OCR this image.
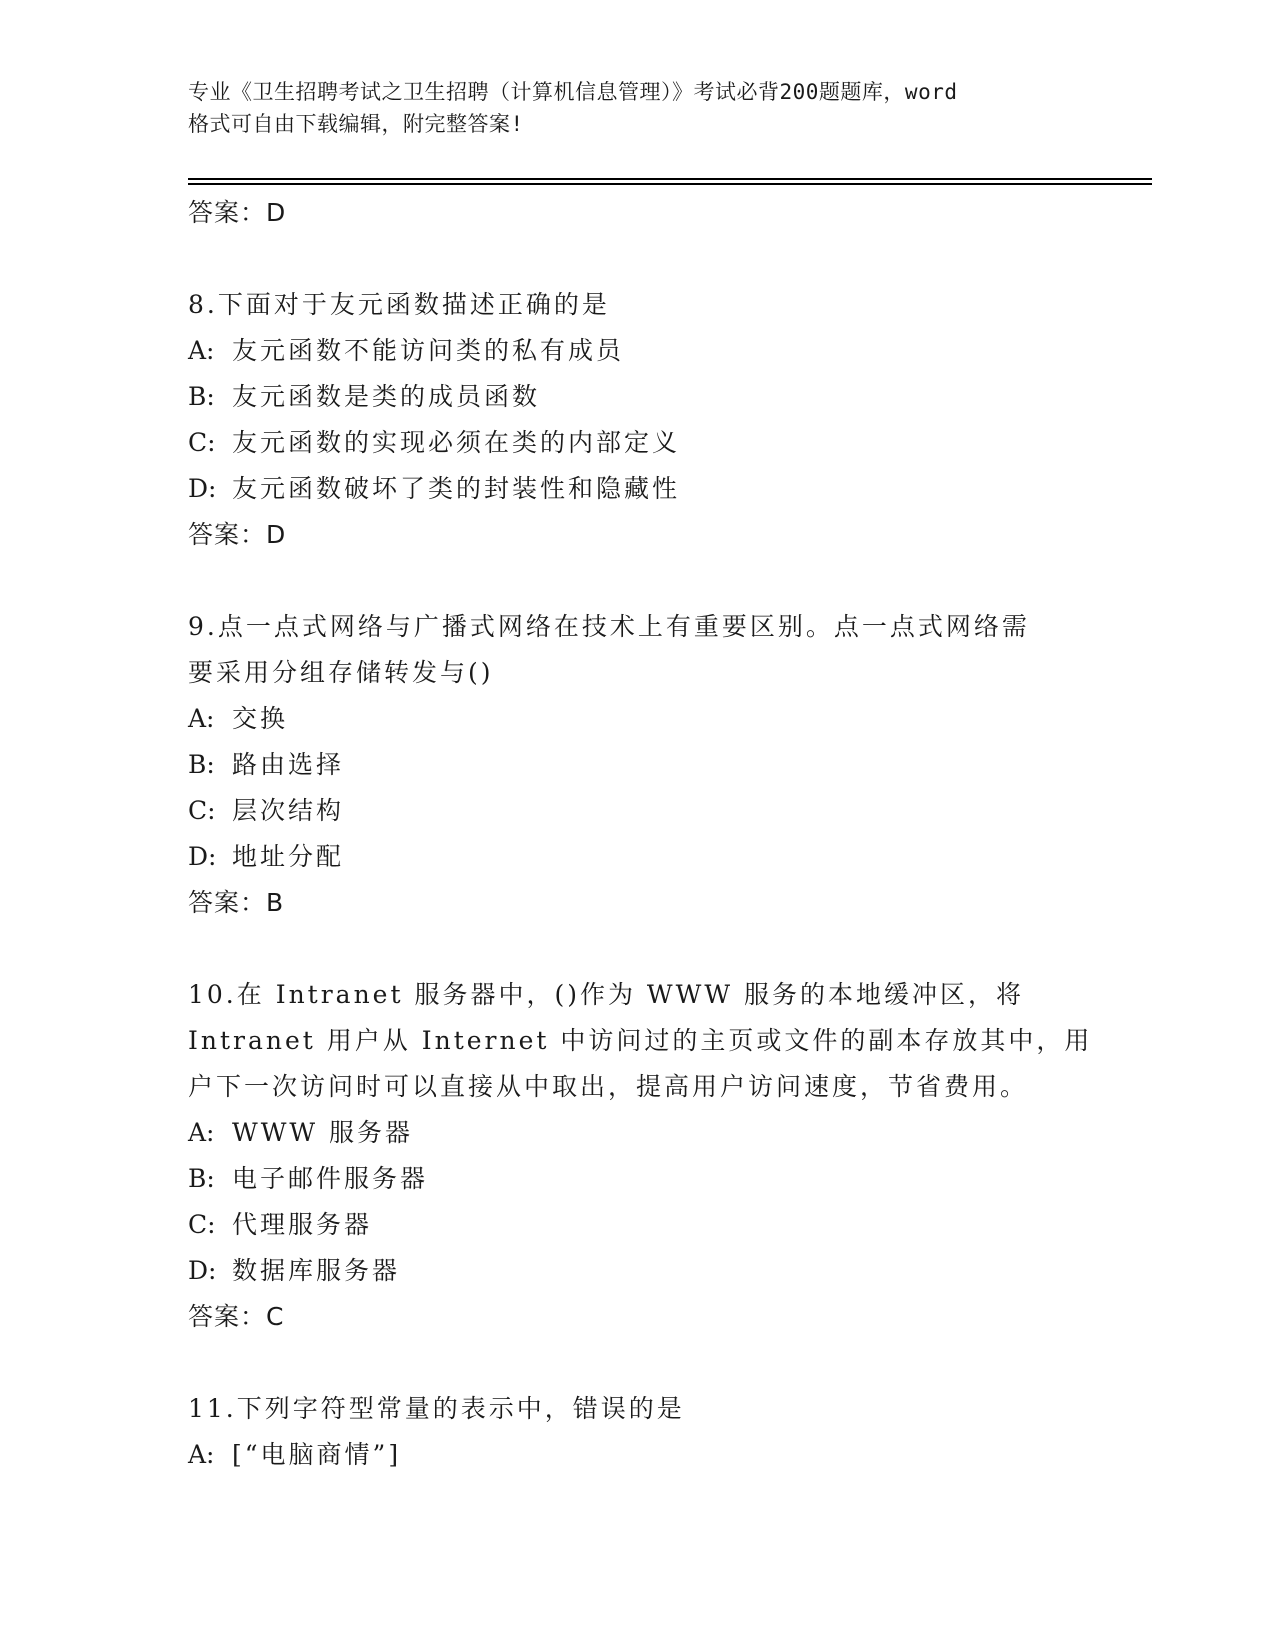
专业《卫生招聘考试之卫生招聘（计算机信息管理）》考试必背200题题库，word
格式可自由下载编辑，附完整答案!
答案：D
8.下面对于友元函数描述正确的是
A: 友元函数不能访问类的私有成员
B: 友元函数是类的成员函数
C: 友元函数的实现必须在类的内部定义
D: 友元函数破坏了类的封装性和隐藏性
答案：D
9.点一点式网络与广播式网络在技术上有重要区别。点一点式网络需
要采用分组存储转发与()
A: 交换
B: 路由选择
C: 层次结构
D: 地址分配
答案：B
10.在 Intranet 服务器中，()作为 WWW 服务的本地缓冲区，将
Intranet 用户从 Internet 中访问过的主页或文件的副本存放其中，用
户下一次访问时可以直接从中取出，提高用户访问速度，节省费用。
A: WWW 服务器
B: 电子邮件服务器
C: 代理服务器
D: 数据库服务器
答案：C
11.下列字符型常量的表示中，错误的是
A: [“电脑商情”]
